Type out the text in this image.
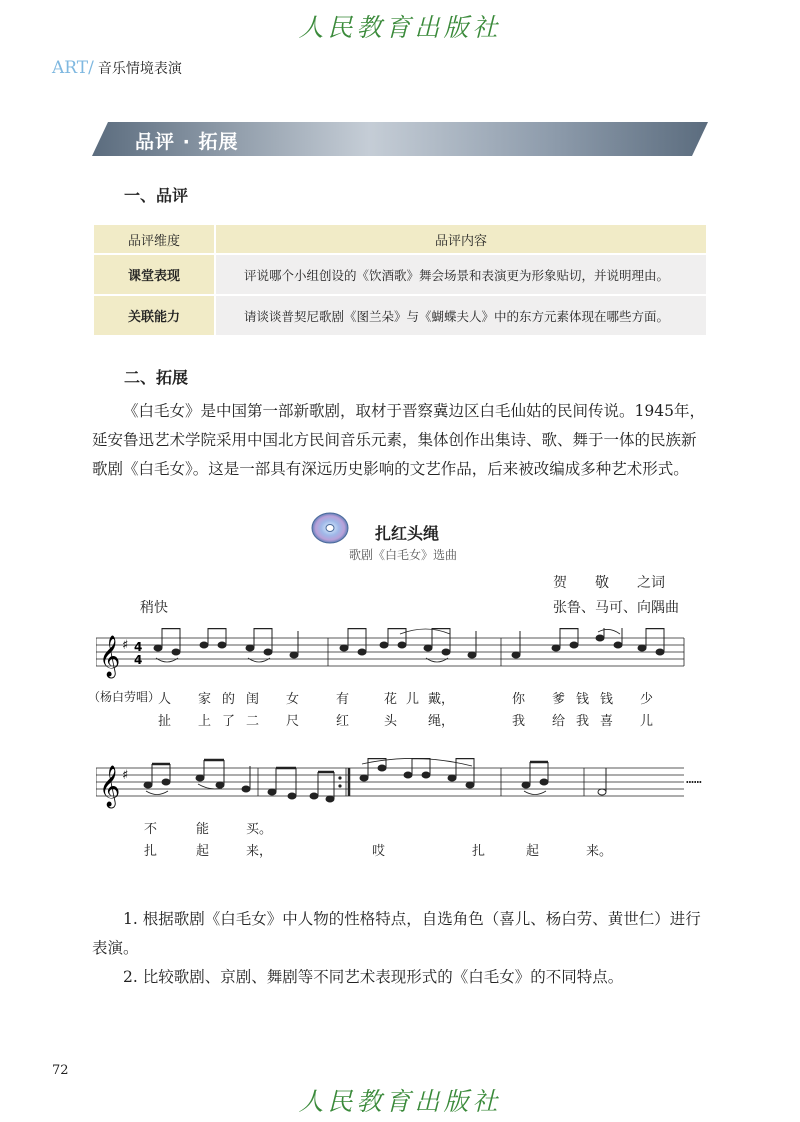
人民教育出版社
ART/ 音乐情境表演
品评 · 拓展
一、品评
品评维度	品评内容
课堂表现	评说哪个小组创设的《饮酒歌》舞会场景和表演更为形象贴切，并说明理由。
关联能力	请谈谈普契尼歌剧《图兰朵》与《蝴蝶夫人》中的东方元素体现在哪些方面。
二、拓展
《白毛女》是中国第一部新歌剧，取材于晋察冀边区白毛仙姑的民间传说。1945年，延安鲁迅艺术学院采用中国北方民间音乐元素，集体创作出集诗、歌、舞于一体的民族新歌剧《白毛女》。这是一部具有深远历史影响的文艺作品，后来被改编成多种艺术形式。
扎红头绳
歌剧《白毛女》选曲
贺　　敬　　之词
张鲁、马可、向隅曲
稍快
𝄞 ♯ 4
4
（杨白劳唱）
人 家 的 闺 女	有	花 儿 戴，	你 爹 钱 钱 少
扯 上 了 二 尺	红	头 绳，	我 给 我 喜 儿
𝄞 ♯	……
不	能	买。
扎	起	来，	哎	扎	起	来。
1. 根据歌剧《白毛女》中人物的性格特点，自选角色（喜儿、杨白劳、黄世仁）进行表演。
2. 比较歌剧、京剧、舞剧等不同艺术表现形式的《白毛女》的不同特点。
72
人民教育出版社
